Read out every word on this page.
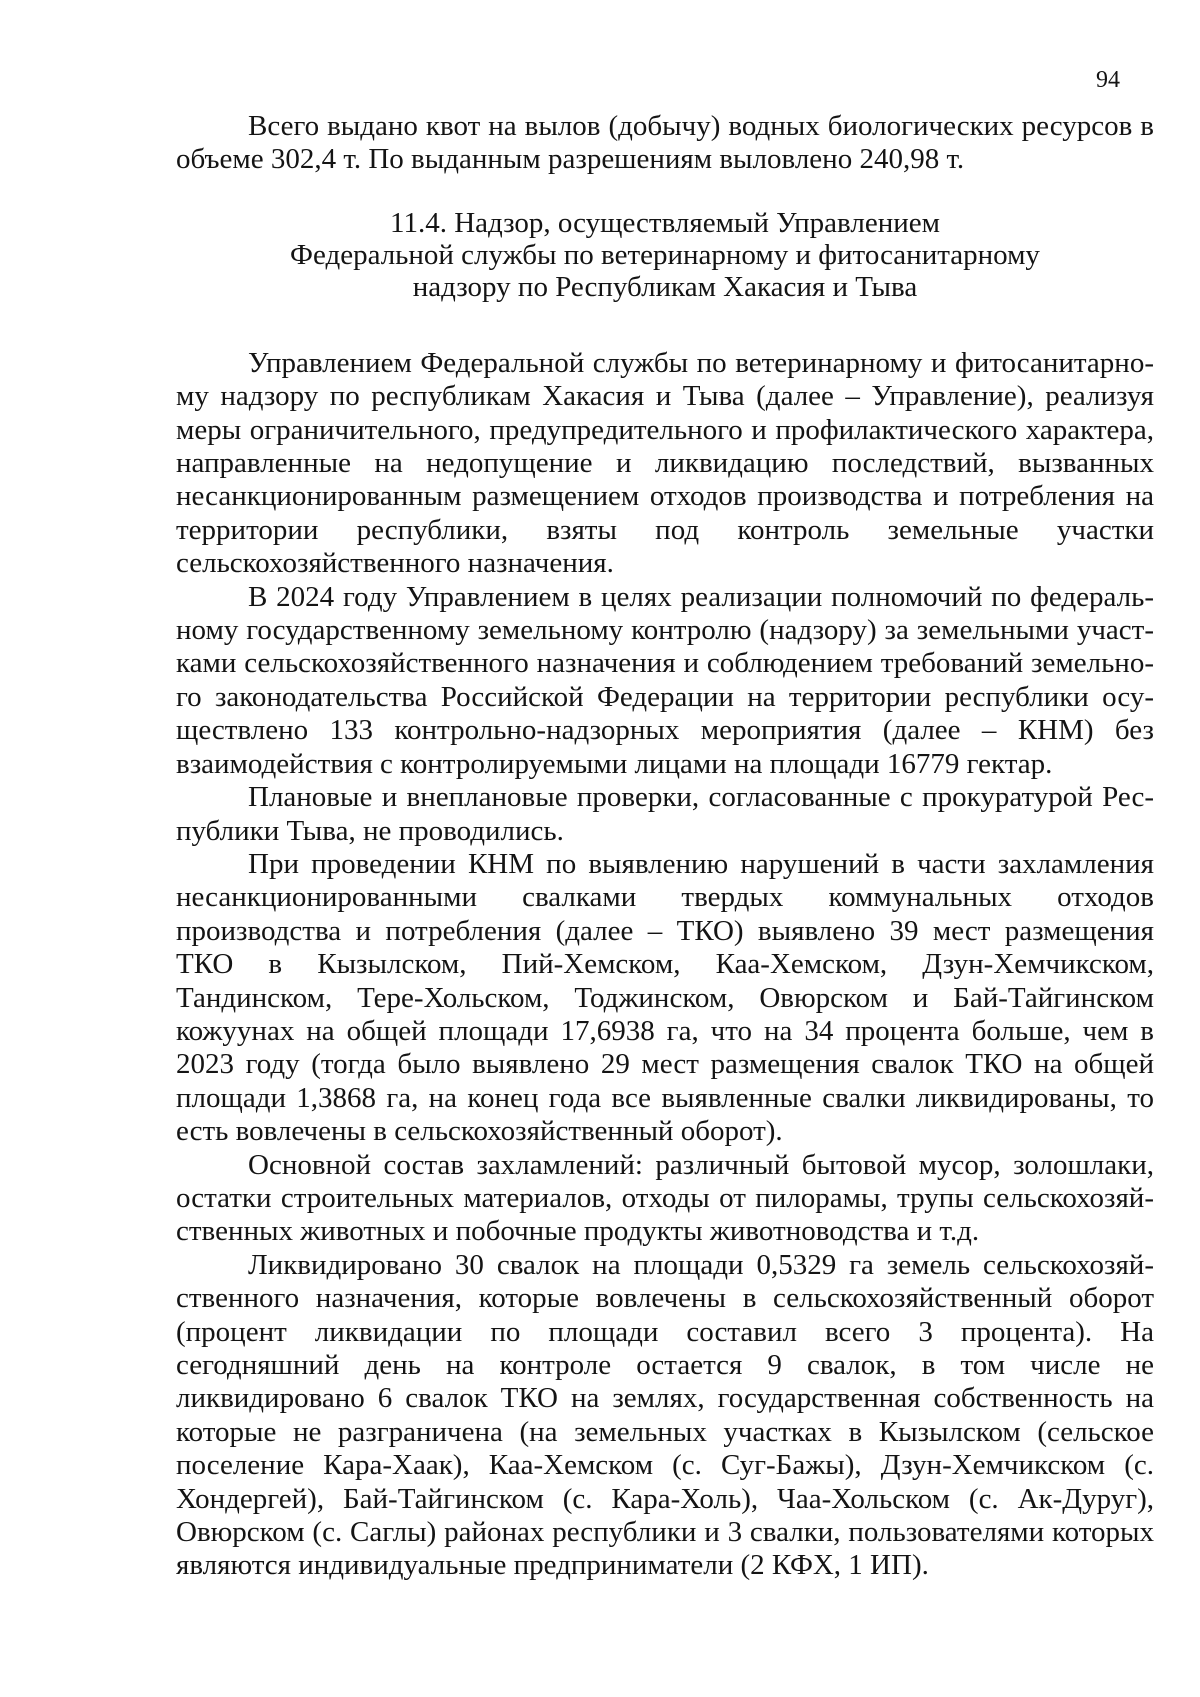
94

Всего выдано квот на вылов (добычу) водных биологических ресурсов в объеме 302,4 т. По выданным разрешениям выловлено 240,98 т.

11.4. Надзор, осуществляемый Управлением
Федеральной службы по ветеринарному и фитосанитарному
надзору по Республикам Хакасия и Тыва

Управлением Федеральной службы по ветеринарному и фитосанитарному надзору по республикам Хакасия и Тыва (далее – Управление), реализуя меры ограничительного, предупредительного и профилактического характера, направленные на недопущение и ликвидацию последствий, вызванных несанкционированным размещением отходов производства и потребления на территории республики, взяты под контроль земельные участки сельскохозяйственного назначения.

В 2024 году Управлением в целях реализации полномочий по федеральному государственному земельному контролю (надзору) за земельными участками сельскохозяйственного назначения и соблюдением требований земельного законодательства Российской Федерации на территории республики осуществлено 133 контрольно-надзорных мероприятия (далее – КНМ) без взаимодействия с контролируемыми лицами на площади 16779 гектар.

Плановые и внеплановые проверки, согласованные с прокуратурой Республики Тыва, не проводились.

При проведении КНМ по выявлению нарушений в части захламления несанкционированными свалками твердых коммунальных отходов производства и потребления (далее – ТКО) выявлено 39 мест размещения ТКО в Кызылском, Пий-Хемском, Каа-Хемском, Дзун-Хемчикском, Тандинском, Тере-Хольском, Тоджинском, Овюрском и Бай-Тайгинском кожуунах на общей площади 17,6938 га, что на 34 процента больше, чем в 2023 году (тогда было выявлено 29 мест размещения свалок ТКО на общей площади 1,3868 га, на конец года все выявленные свалки ликвидированы, то есть вовлечены в сельскохозяйственный оборот).

Основной состав захламлений: различный бытовой мусор, золошлаки, остатки строительных материалов, отходы от пилорамы, трупы сельскохозяйственных животных и побочные продукты животноводства и т.д.

Ликвидировано 30 свалок на площади 0,5329 га земель сельскохозяйственного назначения, которые вовлечены в сельскохозяйственный оборот (процент ликвидации по площади составил всего 3 процента). На сегодняшний день на контроле остается 9 свалок, в том числе не ликвидировано 6 свалок ТКО на землях, государственная собственность на которые не разграничена (на земельных участках в Кызылском (сельское поселение Кара-Хаак), Каа-Хемском (с. Суг-Бажы), Дзун-Хемчикском (с. Хондергей), Бай-Тайгинском (с. Кара-Холь), Чаа-Хольском (с. Ак-Дуруг), Овюрском (с. Саглы) районах республики и 3 свалки, пользователями которых являются индивидуальные предприниматели (2 КФХ, 1 ИП).
